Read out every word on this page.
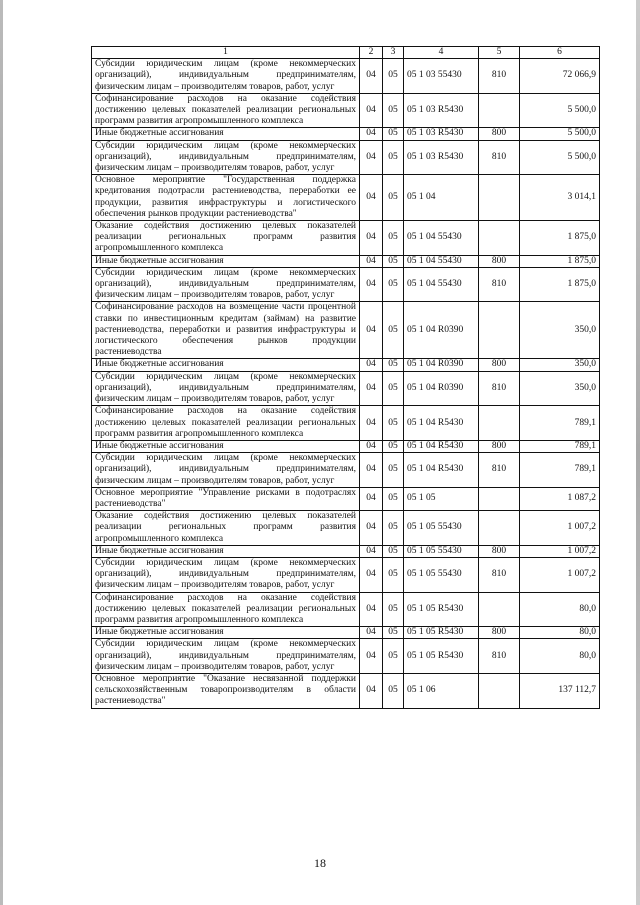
1	2	3	4	5	6
Субсидии юридическим лицам (кроме некоммерческих организаций), индивидуальным предпринимателям, физическим лицам – производителям товаров, работ, услуг	04	05	05 1 03 55430	810	72 066,9
Софинансирование расходов на оказание содействия достижению целевых показателей реализации региональных программ развития агропромышленного комплекса	04	05	05 1 03 R5430		5 500,0
Иные бюджетные ассигнования	04	05	05 1 03 R5430	800	5 500,0
Субсидии юридическим лицам (кроме некоммерческих организаций), индивидуальным предпринимателям, физическим лицам – производителям товаров, работ, услуг	04	05	05 1 03 R5430	810	5 500,0
Основное мероприятие "Государственная поддержка кредитования подотрасли растениеводства, переработки ее продукции, развития инфраструктуры и логистического обеспечения рынков продукции растениеводства"	04	05	05 1 04		3 014,1
Оказание содействия достижению целевых показателей реализации региональных программ развития агропромышленного комплекса	04	05	05 1 04 55430		1 875,0
Иные бюджетные ассигнования	04	05	05 1 04 55430	800	1 875,0
Субсидии юридическим лицам (кроме некоммерческих организаций), индивидуальным предпринимателям, физическим лицам – производителям товаров, работ, услуг	04	05	05 1 04 55430	810	1 875,0
Софинансирование расходов на возмещение части процентной ставки по инвестиционным кредитам (займам) на развитие растениеводства, переработки и развития инфраструктуры и логистического обеспечения рынков продукции растениеводства	04	05	05 1 04 R0390		350,0
Иные бюджетные ассигнования	04	05	05 1 04 R0390	800	350,0
Субсидии юридическим лицам (кроме некоммерческих организаций), индивидуальным предпринимателям, физическим лицам – производителям товаров, работ, услуг	04	05	05 1 04 R0390	810	350,0
Софинансирование расходов на оказание содействия достижению целевых показателей реализации региональных программ развития агропромышленного комплекса	04	05	05 1 04 R5430		789,1
Иные бюджетные ассигнования	04	05	05 1 04 R5430	800	789,1
Субсидии юридическим лицам (кроме некоммерческих организаций), индивидуальным предпринимателям, физическим лицам – производителям товаров, работ, услуг	04	05	05 1 04 R5430	810	789,1
Основное мероприятие "Управление рисками в подотраслях растениеводства"	04	05	05 1 05		1 087,2
Оказание содействия достижению целевых показателей реализации региональных программ развития агропромышленного комплекса	04	05	05 1 05 55430		1 007,2
Иные бюджетные ассигнования	04	05	05 1 05 55430	800	1 007,2
Субсидии юридическим лицам (кроме некоммерческих организаций), индивидуальным предпринимателям, физическим лицам – производителям товаров, работ, услуг	04	05	05 1 05 55430	810	1 007,2
Софинансирование расходов на оказание содействия достижению целевых показателей реализации региональных программ развития агропромышленного комплекса	04	05	05 1 05 R5430		80,0
Иные бюджетные ассигнования	04	05	05 1 05 R5430	800	80,0
Субсидии юридическим лицам (кроме некоммерческих организаций), индивидуальным предпринимателям, физическим лицам – производителям товаров, работ, услуг	04	05	05 1 05 R5430	810	80,0
Основное мероприятие "Оказание несвязанной поддержки сельскохозяйственным товаропроизводителям в области растениеводства"	04	05	05 1 06		137 112,7
18
